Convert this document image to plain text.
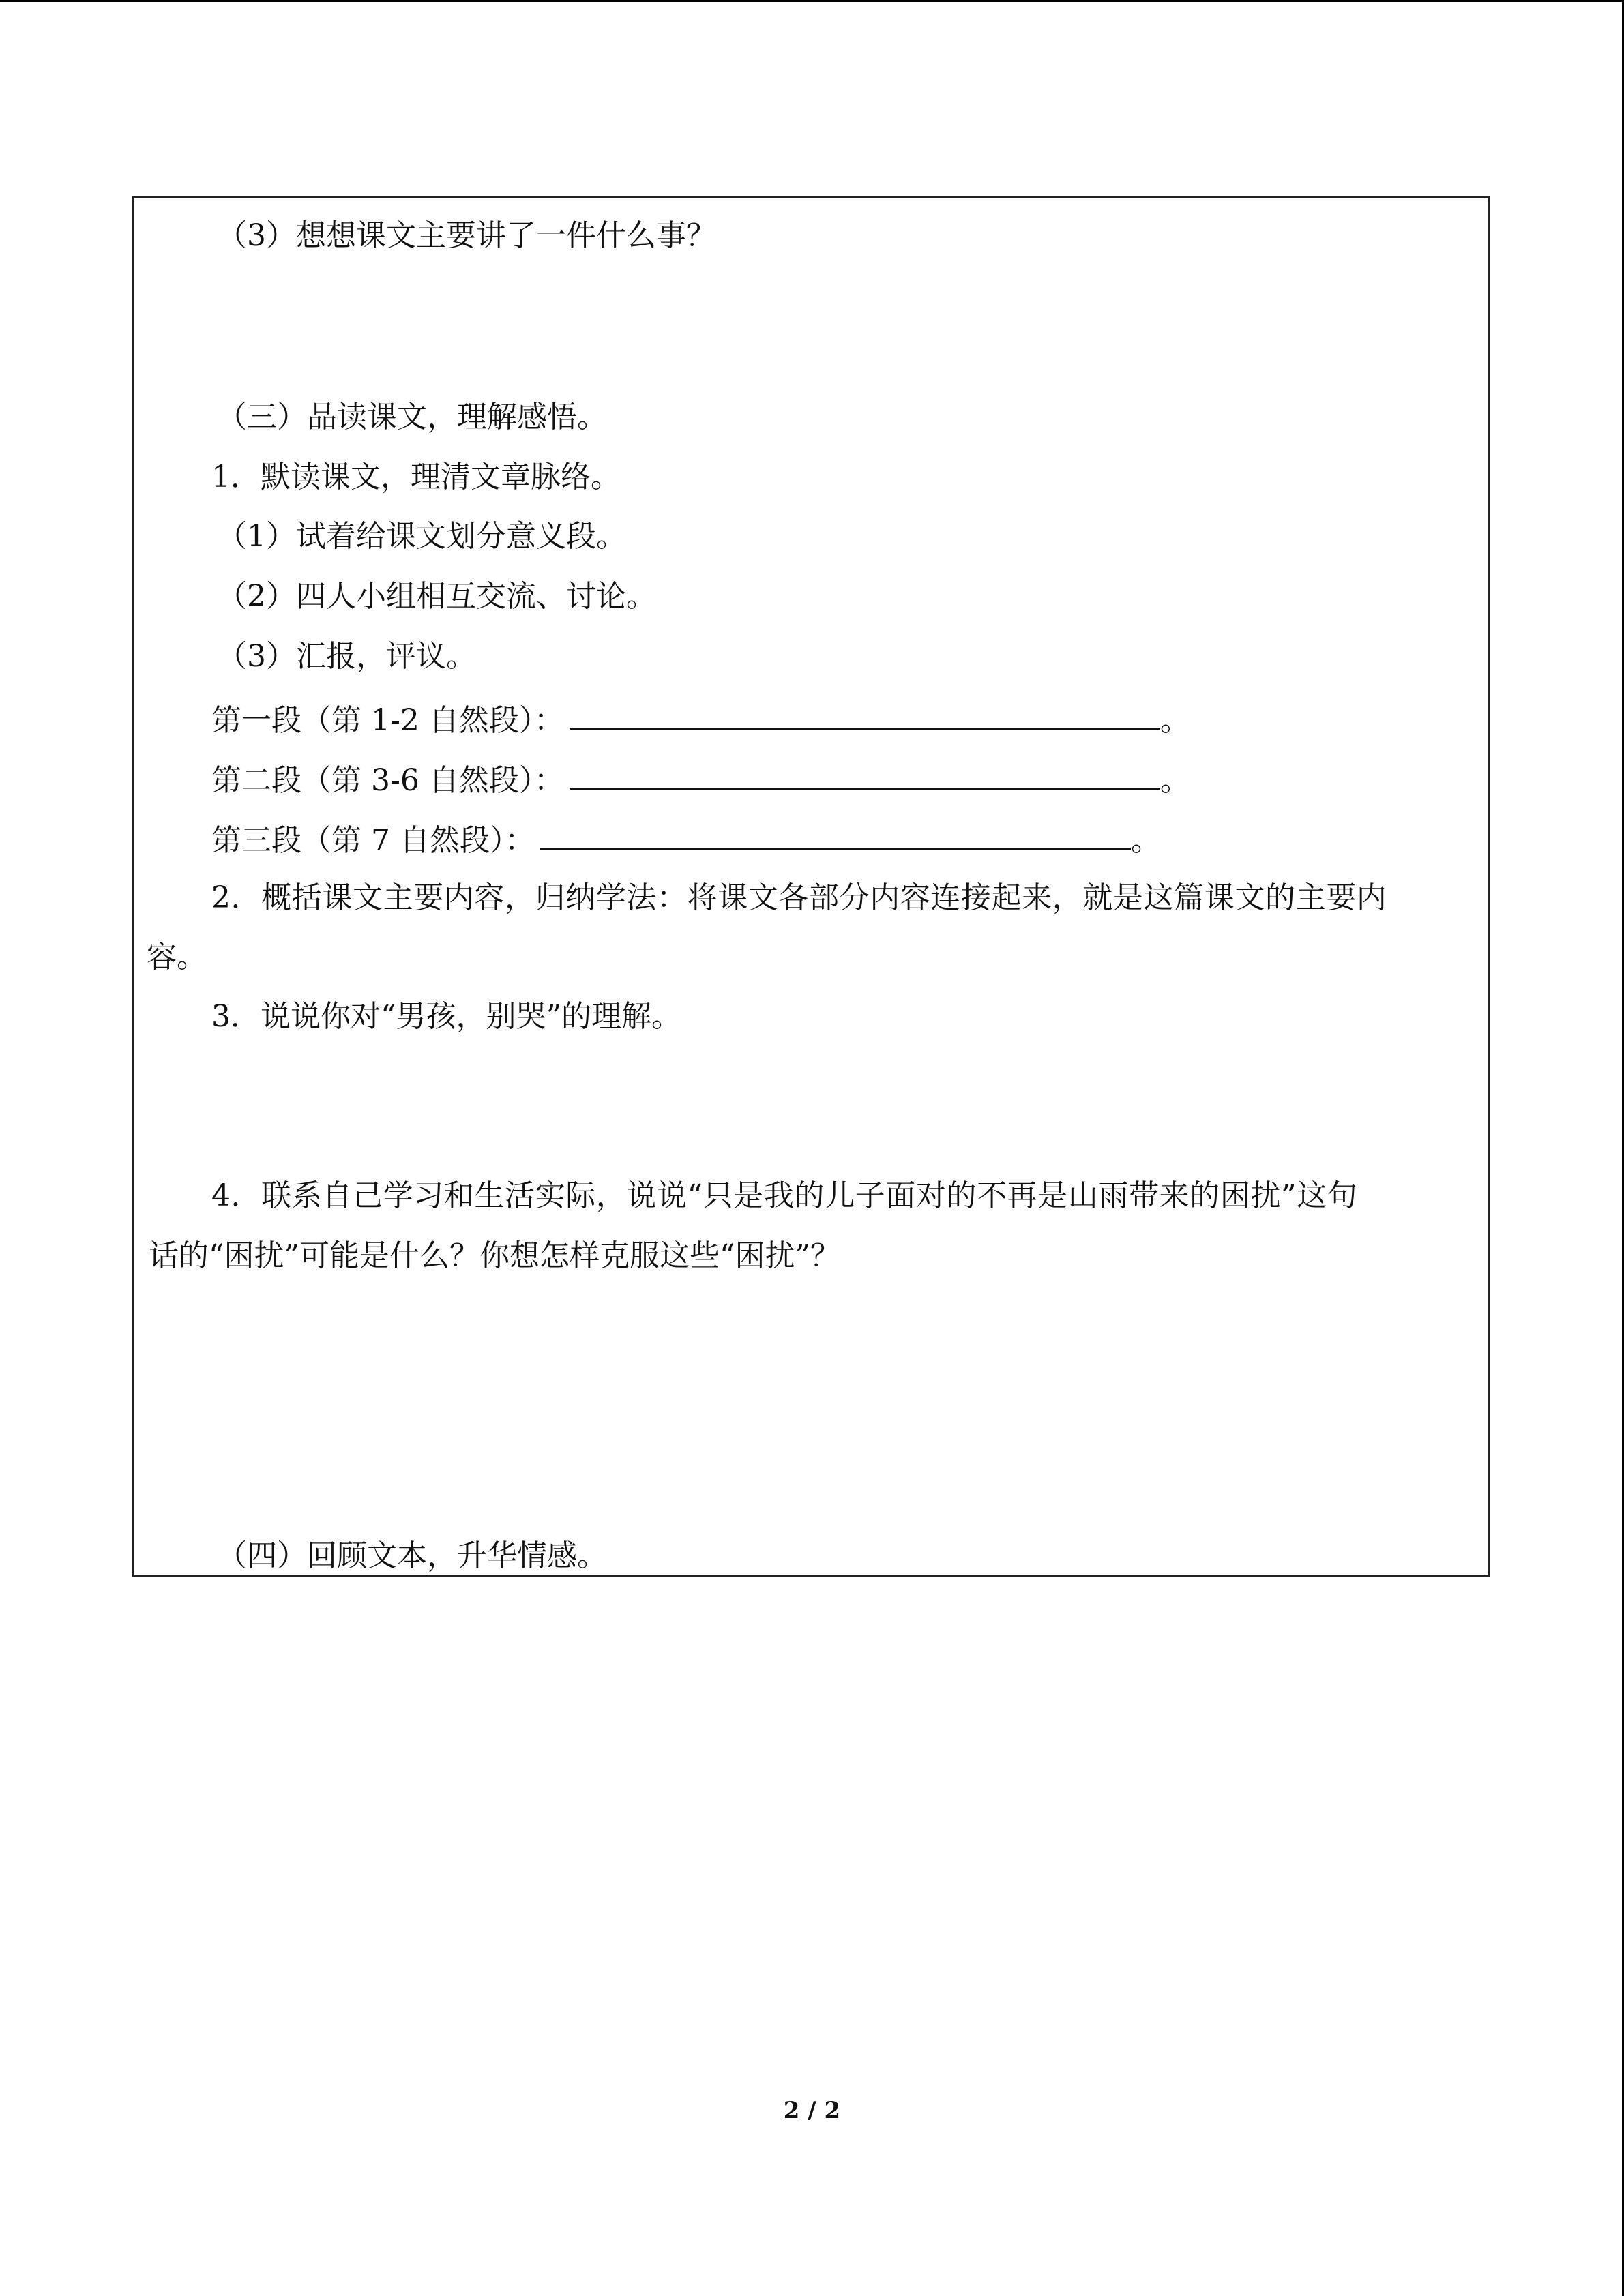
（3）想想课文主要讲了一件什么事？
（三）品读课文，理解感悟。
1．默读课文，理清文章脉络。
（1）试着给课文划分意义段。
（2）四人小组相互交流、讨论。
（3）汇报，评议。
第一段（第 1-2 自然段）：	。
第二段（第 3-6 自然段）：	。
第三段（第 7 自然段）：	。
2．概括课文主要内容，归纳学法：将课文各部分内容连接起来，就是这篇课文的主要内
容。
3．说说你对“男孩，别哭”的理解。
4．联系自己学习和生活实际，说说“只是我的儿子面对的不再是山雨带来的困扰”这句
话的“困扰”可能是什么？你想怎样克服这些“困扰”？
（四）回顾文本，升华情感。
2 / 2
